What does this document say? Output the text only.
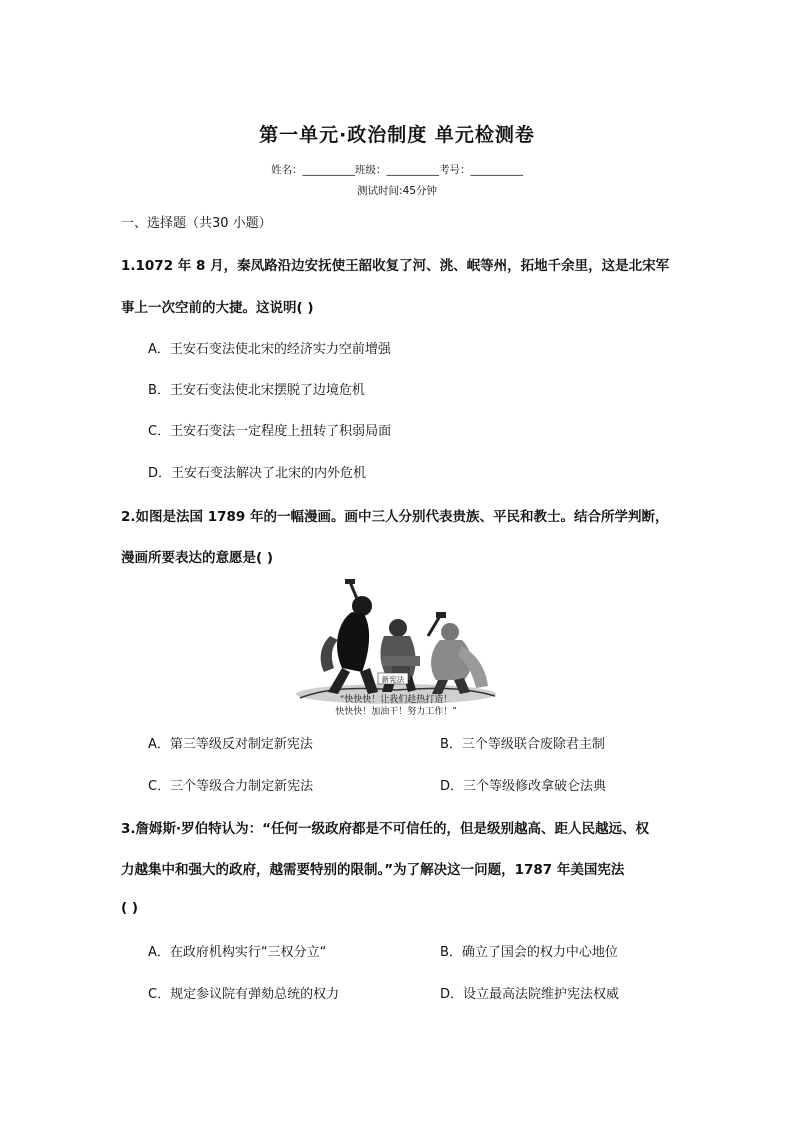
第一单元·政治制度 单元检测卷
姓名：__________班级：__________考号：__________
测试时间:45分钟
一、选择题（共30 小题）
1.1072 年 8 月，秦凤路沿边安抚使王韶收复了河、洮、岷等州，拓地千余里，这是北宋军
事上一次空前的大捷。这说明( )
A．王安石变法使北宋的经济实力空前增强
B．王安石变法使北宋摆脱了边境危机
C．王安石变法一定程度上扭转了积弱局面
D．王安石变法解决了北宋的内外危机
2.如图是法国 1789 年的一幅漫画。画中三人分别代表贵族、平民和教士。结合所学判断，
漫画所要表达的意愿是( )
新宪法
“快快快！让我们趁热打造！
快快快！加油干！努力工作！”
A．第三等级反对制定新宪法	B．三个等级联合废除君主制
C．三个等级合力制定新宪法	D．三个等级修改拿破仑法典
3.詹姆斯·罗伯特认为：“任何一级政府都是不可信任的，但是级别越高、距人民越远、权
力越集中和强大的政府，越需要特别的限制。”为了解决这一问题，1787 年美国宪法
( )
A．在政府机构实行“三权分立“	B．确立了国会的权力中心地位
C．规定参议院有弹劾总统的权力	D．设立最高法院维护宪法权威
